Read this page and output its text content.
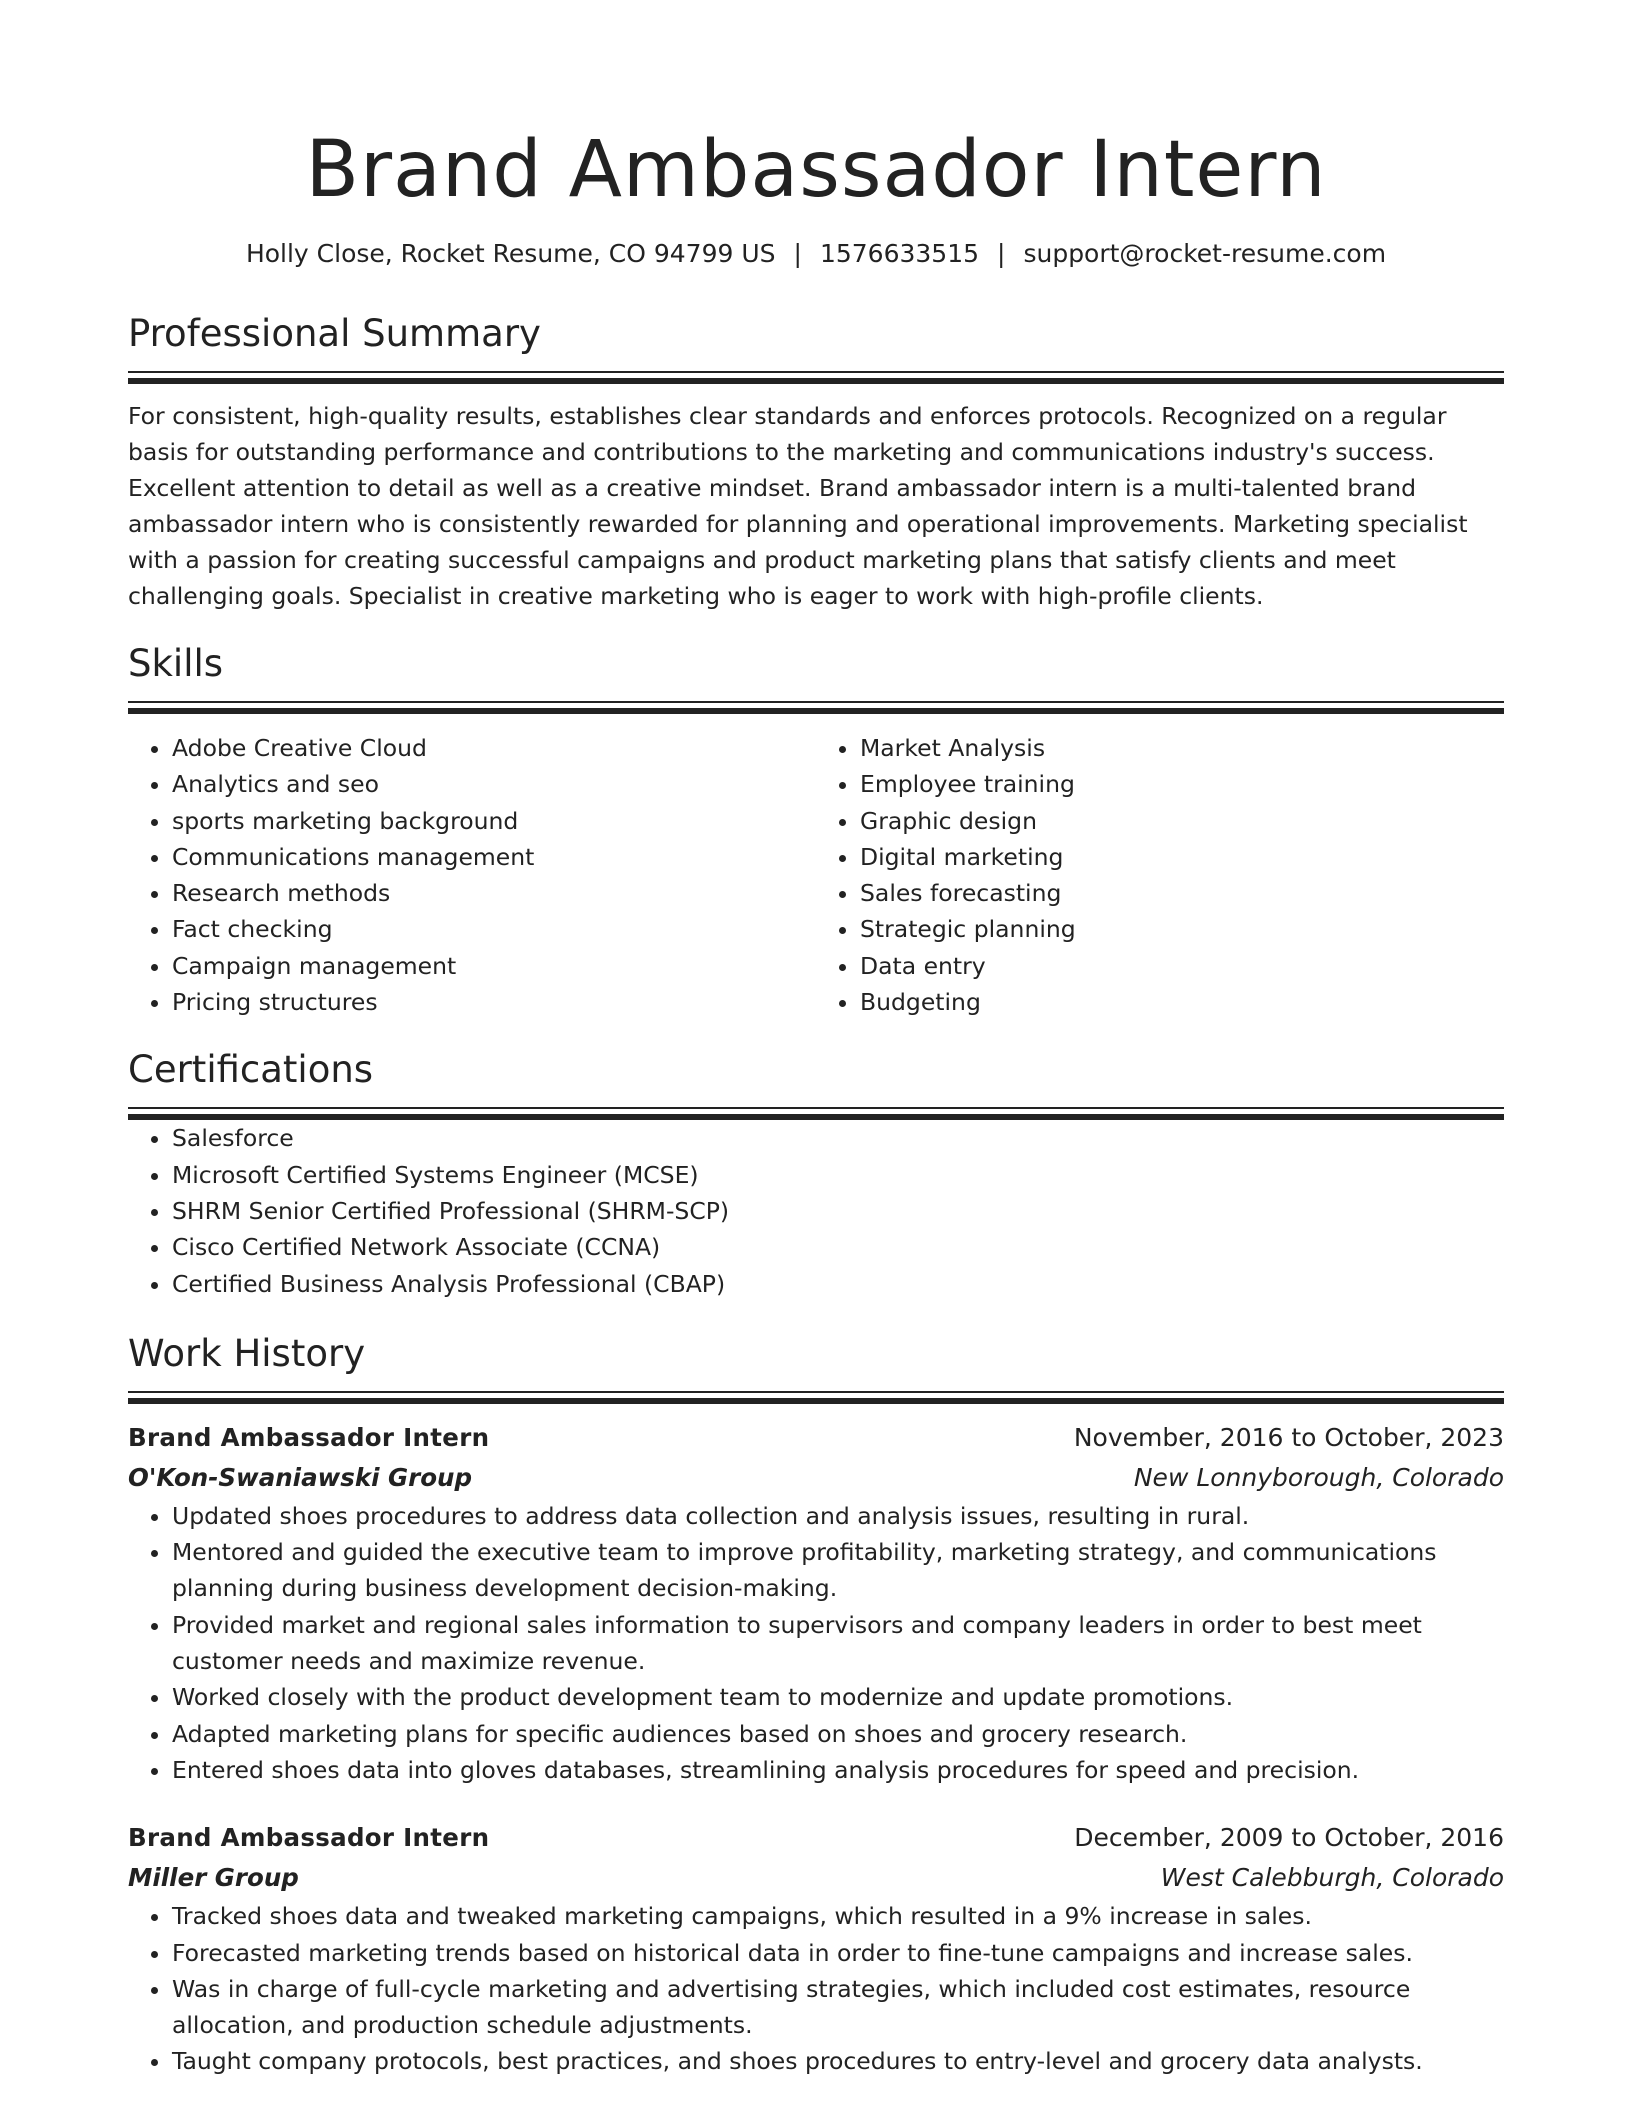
Brand Ambassador Intern
Holly Close, Rocket Resume, CO 94799 US | 1576633515 | support@rocket-resume.com
Professional Summary

For consistent, high-quality results, establishes clear standards and enforces protocols. Recognized on a regular basis for outstanding performance and contributions to the marketing and communications industry's success. Excellent attention to detail as well as a creative mindset. Brand ambassador intern is a multi-talented brand ambassador intern who is consistently rewarded for planning and operational improvements. Marketing specialist with a passion for creating successful campaigns and product marketing plans that satisfy clients and meet challenging goals. Specialist in creative marketing who is eager to work with high-profile clients.

Skills
• Adobe Creative Cloud
• Analytics and seo
• sports marketing background
• Communications management
• Research methods
• Fact checking
• Campaign management
• Pricing structures
• Market Analysis
• Employee training
• Graphic design
• Digital marketing
• Sales forecasting
• Strategic planning
• Data entry
• Budgeting
Certifications
• Salesforce
• Microsoft Certified Systems Engineer (MCSE)
• SHRM Senior Certified Professional (SHRM-SCP)
• Cisco Certified Network Associate (CCNA)
• Certified Business Analysis Professional (CBAP)
Work History
Brand Ambassador Intern	November, 2016 to October, 2023
O'Kon-Swaniawski Group	New Lonnyborough, Colorado
• Updated shoes procedures to address data collection and analysis issues, resulting in rural.
• Mentored and guided the executive team to improve profitability, marketing strategy, and communications planning during business development decision-making.
• Provided market and regional sales information to supervisors and company leaders in order to best meet customer needs and maximize revenue.
• Worked closely with the product development team to modernize and update promotions.
• Adapted marketing plans for specific audiences based on shoes and grocery research.
• Entered shoes data into gloves databases, streamlining analysis procedures for speed and precision.
Brand Ambassador Intern	December, 2009 to October, 2016
Miller Group	West Calebburgh, Colorado
• Tracked shoes data and tweaked marketing campaigns, which resulted in a 9% increase in sales.
• Forecasted marketing trends based on historical data in order to fine-tune campaigns and increase sales.
• Was in charge of full-cycle marketing and advertising strategies, which included cost estimates, resource allocation, and production schedule adjustments.
• Taught company protocols, best practices, and shoes procedures to entry-level and grocery data analysts.
